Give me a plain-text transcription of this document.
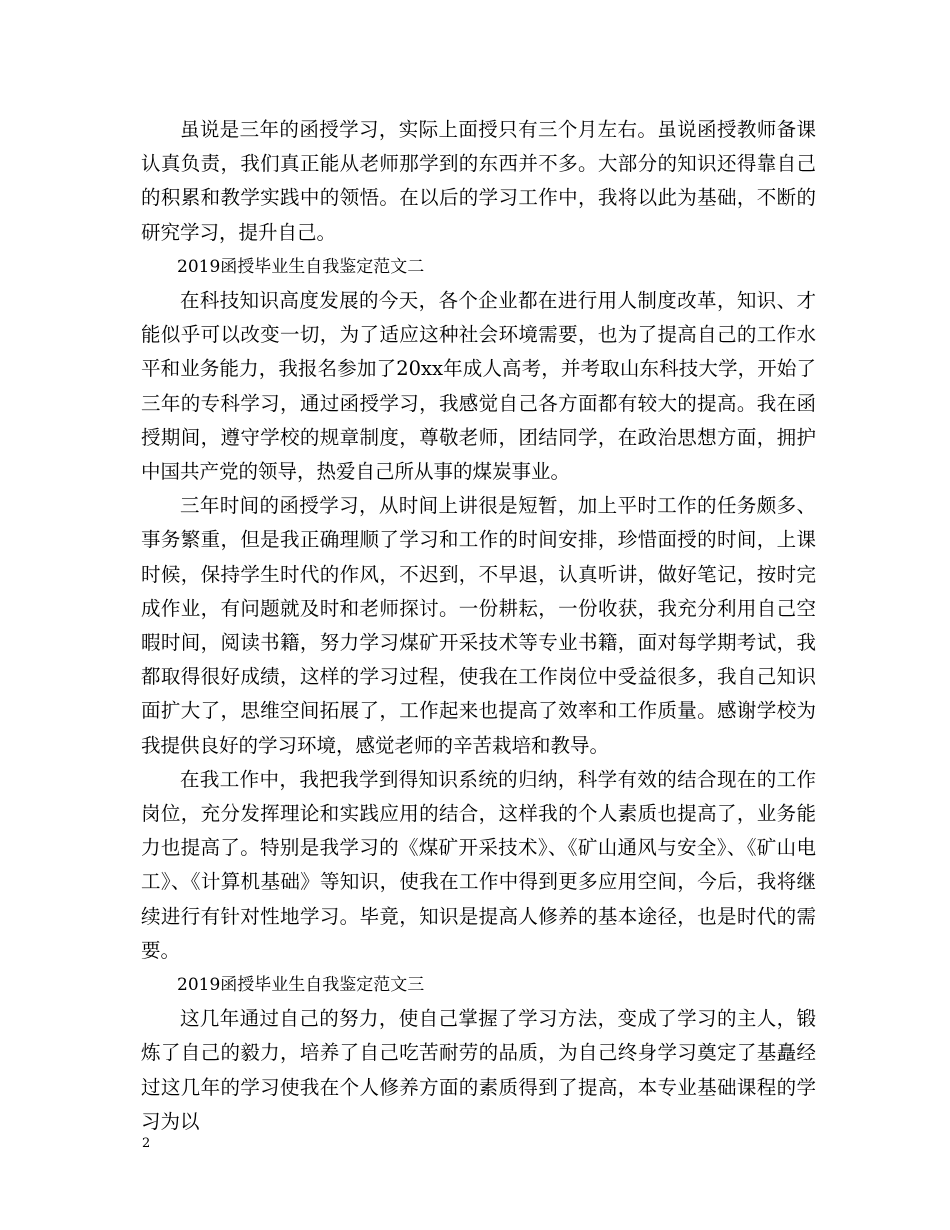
虽说是三年的函授学习，实际上面授只有三个月左右。虽说函授教师备课认真负责，我们真正能从老师那学到的东西并不多。大部分的知识还得靠自己的积累和教学实践中的领悟。在以后的学习工作中，我将以此为基础，不断的研究学习，提升自己。

2019函授毕业生自我鉴定范文二

在科技知识高度发展的今天，各个企业都在进行用人制度改革，知识、才能似乎可以改变一切，为了适应这种社会环境需要，也为了提高自己的工作水平和业务能力，我报名参加了20xx年成人高考，并考取山东科技大学，开始了三年的专科学习，通过函授学习，我感觉自己各方面都有较大的提高。我在函授期间，遵守学校的规章制度，尊敬老师，团结同学，在政治思想方面，拥护中国共产党的领导，热爱自己所从事的煤炭事业。

三年时间的函授学习，从时间上讲很是短暂，加上平时工作的任务颇多、事务繁重，但是我正确理顺了学习和工作的时间安排，珍惜面授的时间，上课时候，保持学生时代的作风，不迟到，不早退，认真听讲，做好笔记，按时完成作业，有问题就及时和老师探讨。一份耕耘，一份收获，我充分利用自己空暇时间，阅读书籍，努力学习煤矿开采技术等专业书籍，面对每学期考试，我都取得很好成绩，这样的学习过程，使我在工作岗位中受益很多，我自己知识面扩大了，思维空间拓展了，工作起来也提高了效率和工作质量。感谢学校为我提供良好的学习环境，感觉老师的辛苦栽培和教导。

在我工作中，我把我学到得知识系统的归纳，科学有效的结合现在的工作岗位，充分发挥理论和实践应用的结合，这样我的个人素质也提高了，业务能力也提高了。特别是我学习的《煤矿开采技术》、《矿山通风与安全》、《矿山电工》、《计算机基础》等知识，使我在工作中得到更多应用空间，今后，我将继续进行有针对性地学习。毕竟，知识是提高人修养的基本途径，也是时代的需要。

2019函授毕业生自我鉴定范文三

这几年通过自己的努力，使自己掌握了学习方法，变成了学习的主人，锻炼了自己的毅力，培养了自己吃苦耐劳的品质，为自己终身学习奠定了基矗经过这几年的学习使我在个人修养方面的素质得到了提高，本专业基础课程的学习为以

2
